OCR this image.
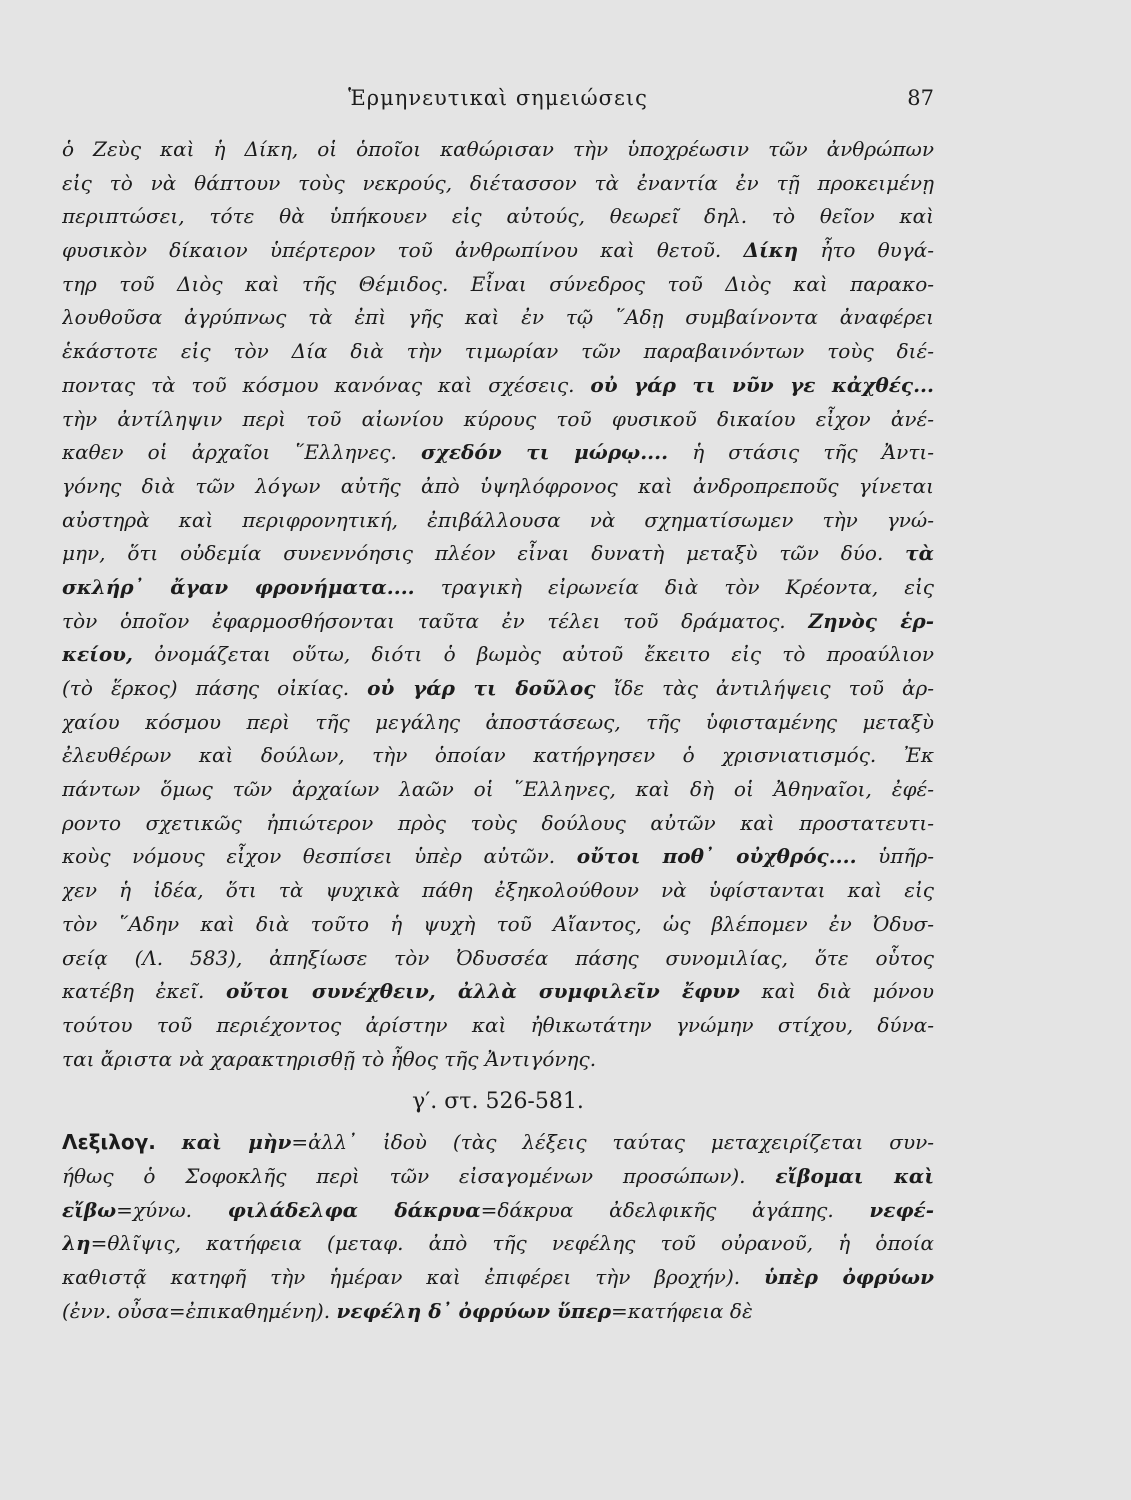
Ἑρμηνευτικαὶ σημειώσεις	87
ὁ Ζεὺς καὶ ἡ Δίκη, οἱ ὁποῖοι καθώρισαν τὴν ὑποχρέωσιν τῶν ἀνθρώπων
εἰς τὸ νὰ θάπτουν τοὺς νεκρούς, διέτασσον τὰ ἐναντία ἐν τῇ προκειμένῃ
περιπτώσει, τότε θὰ ὑπήκουεν εἰς αὐτούς, θεωρεῖ δηλ. τὸ θεῖον καὶ
φυσικὸν δίκαιον ὑπέρτερον τοῦ ἀνθρωπίνου καὶ θετοῦ. Δίκη ἦτο θυγά-
τηρ τοῦ Διὸς καὶ τῆς Θέμιδος. Εἶναι σύνεδρος τοῦ Διὸς καὶ παρακο-
λουθοῦσα ἀγρύπνως τὰ ἐπὶ γῆς καὶ ἐν τῷ ῞Αδῃ συμβαίνοντα ἀναφέρει
ἑκάστοτε εἰς τὸν Δία διὰ τὴν τιμωρίαν τῶν παραβαινόντων τοὺς διέ-
ποντας τὰ τοῦ κόσμου κανόνας καὶ σχέσεις. οὐ γάρ τι νῦν γε κἀχθές...
τὴν ἀντίληψιν περὶ τοῦ αἰωνίου κύρους τοῦ φυσικοῦ δικαίου εἶχον ἀνέ-
καθεν οἱ ἀρχαῖοι ῞Ελληνες. σχεδόν τι μώρῳ.... ἡ στάσις τῆς Ἀντι-
γόνης διὰ τῶν λόγων αὐτῆς ἀπὸ ὑψηλόφρονος καὶ ἀνδροπρεποῦς γίνεται
αὐστηρὰ καὶ περιφρονητική, ἐπιβάλλουσα νὰ σχηματίσωμεν τὴν γνώ-
μην, ὅτι οὐδεμία συνεννόησις πλέον εἶναι δυνατὴ μεταξὺ τῶν δύο. τὰ
σκλήρ᾽ ἄγαν φρονήματα.... τραγικὴ εἰρωνεία διὰ τὸν Κρέοντα, εἰς
τὸν ὁποῖον ἐφαρμοσθήσονται ταῦτα ἐν τέλει τοῦ δράματος. Ζηνὸς ἑρ-
κείου, ὀνομάζεται οὕτω, διότι ὁ βωμὸς αὐτοῦ ἔκειτο εἰς τὸ προαύλιον
(τὸ ἕρκος) πάσης οἰκίας. οὐ γάρ τι δοῦλος ἴδε τὰς ἀντιλήψεις τοῦ ἀρ-
χαίου κόσμου περὶ τῆς μεγάλης ἀποστάσεως, τῆς ὑφισταμένης μεταξὺ
ἐλευθέρων καὶ δούλων, τὴν ὁποίαν κατήργησεν ὁ χρισνιατισμός. Ἐκ
πάντων ὅμως τῶν ἀρχαίων λαῶν οἱ ῞Ελληνες, καὶ δὴ οἱ Ἀθηναῖοι, ἐφέ-
ροντο σχετικῶς ἠπιώτερον πρὸς τοὺς δούλους αὐτῶν καὶ προστατευτι-
κοὺς νόμους εἶχον θεσπίσει ὑπὲρ αὐτῶν. οὔτοι ποθ᾽ οὐχθρός.... ὑπῆρ-
χεν ἡ ἰδέα, ὅτι τὰ ψυχικὰ πάθη ἐξηκολούθουν νὰ ὑφίστανται καὶ εἰς
τὸν ῞Αδην καὶ διὰ τοῦτο ἡ ψυχὴ τοῦ Αἴαντος, ὡς βλέπομεν ἐν Ὀδυσ-
σείᾳ (Λ. 583), ἀπηξίωσε τὸν Ὀδυσσέα πάσης συνομιλίας, ὅτε οὗτος
κατέβη ἐκεῖ. οὔτοι συνέχθειν, ἀλλὰ συμφιλεῖν ἔφυν καὶ διὰ μόνου
τούτου τοῦ περιέχοντος ἀρίστην καὶ ἠθικωτάτην γνώμην στίχου, δύνα-
ται ἄριστα νὰ χαρακτηρισθῇ τὸ ἦθος τῆς Ἀντιγόνης.
γ′. στ. 526-581.
Λεξιλογ. καὶ μὴν=ἀλλ᾽ ἰδοὺ (τὰς λέξεις ταύτας μεταχειρίζεται συν-
ήθως ὁ Σοφοκλῆς περὶ τῶν εἰσαγομένων προσώπων). εἴβομαι καὶ
εἴβω=χύνω. φιλάδελφα δάκρυα=δάκρυα ἀδελφικῆς ἀγάπης. νεφέ-
λη=θλῖψις, κατήφεια (μεταφ. ἀπὸ τῆς νεφέλης τοῦ οὐρανοῦ, ἡ ὁποία
καθιστᾷ κατηφῆ τὴν ἡμέραν καὶ ἐπιφέρει τὴν βροχήν). ὑπὲρ ὀφρύων
(ἐνν. οὖσα=ἐπικαθημένη). νεφέλη δ᾽ ὀφρύων ὕπερ=κατήφεια δὲ
